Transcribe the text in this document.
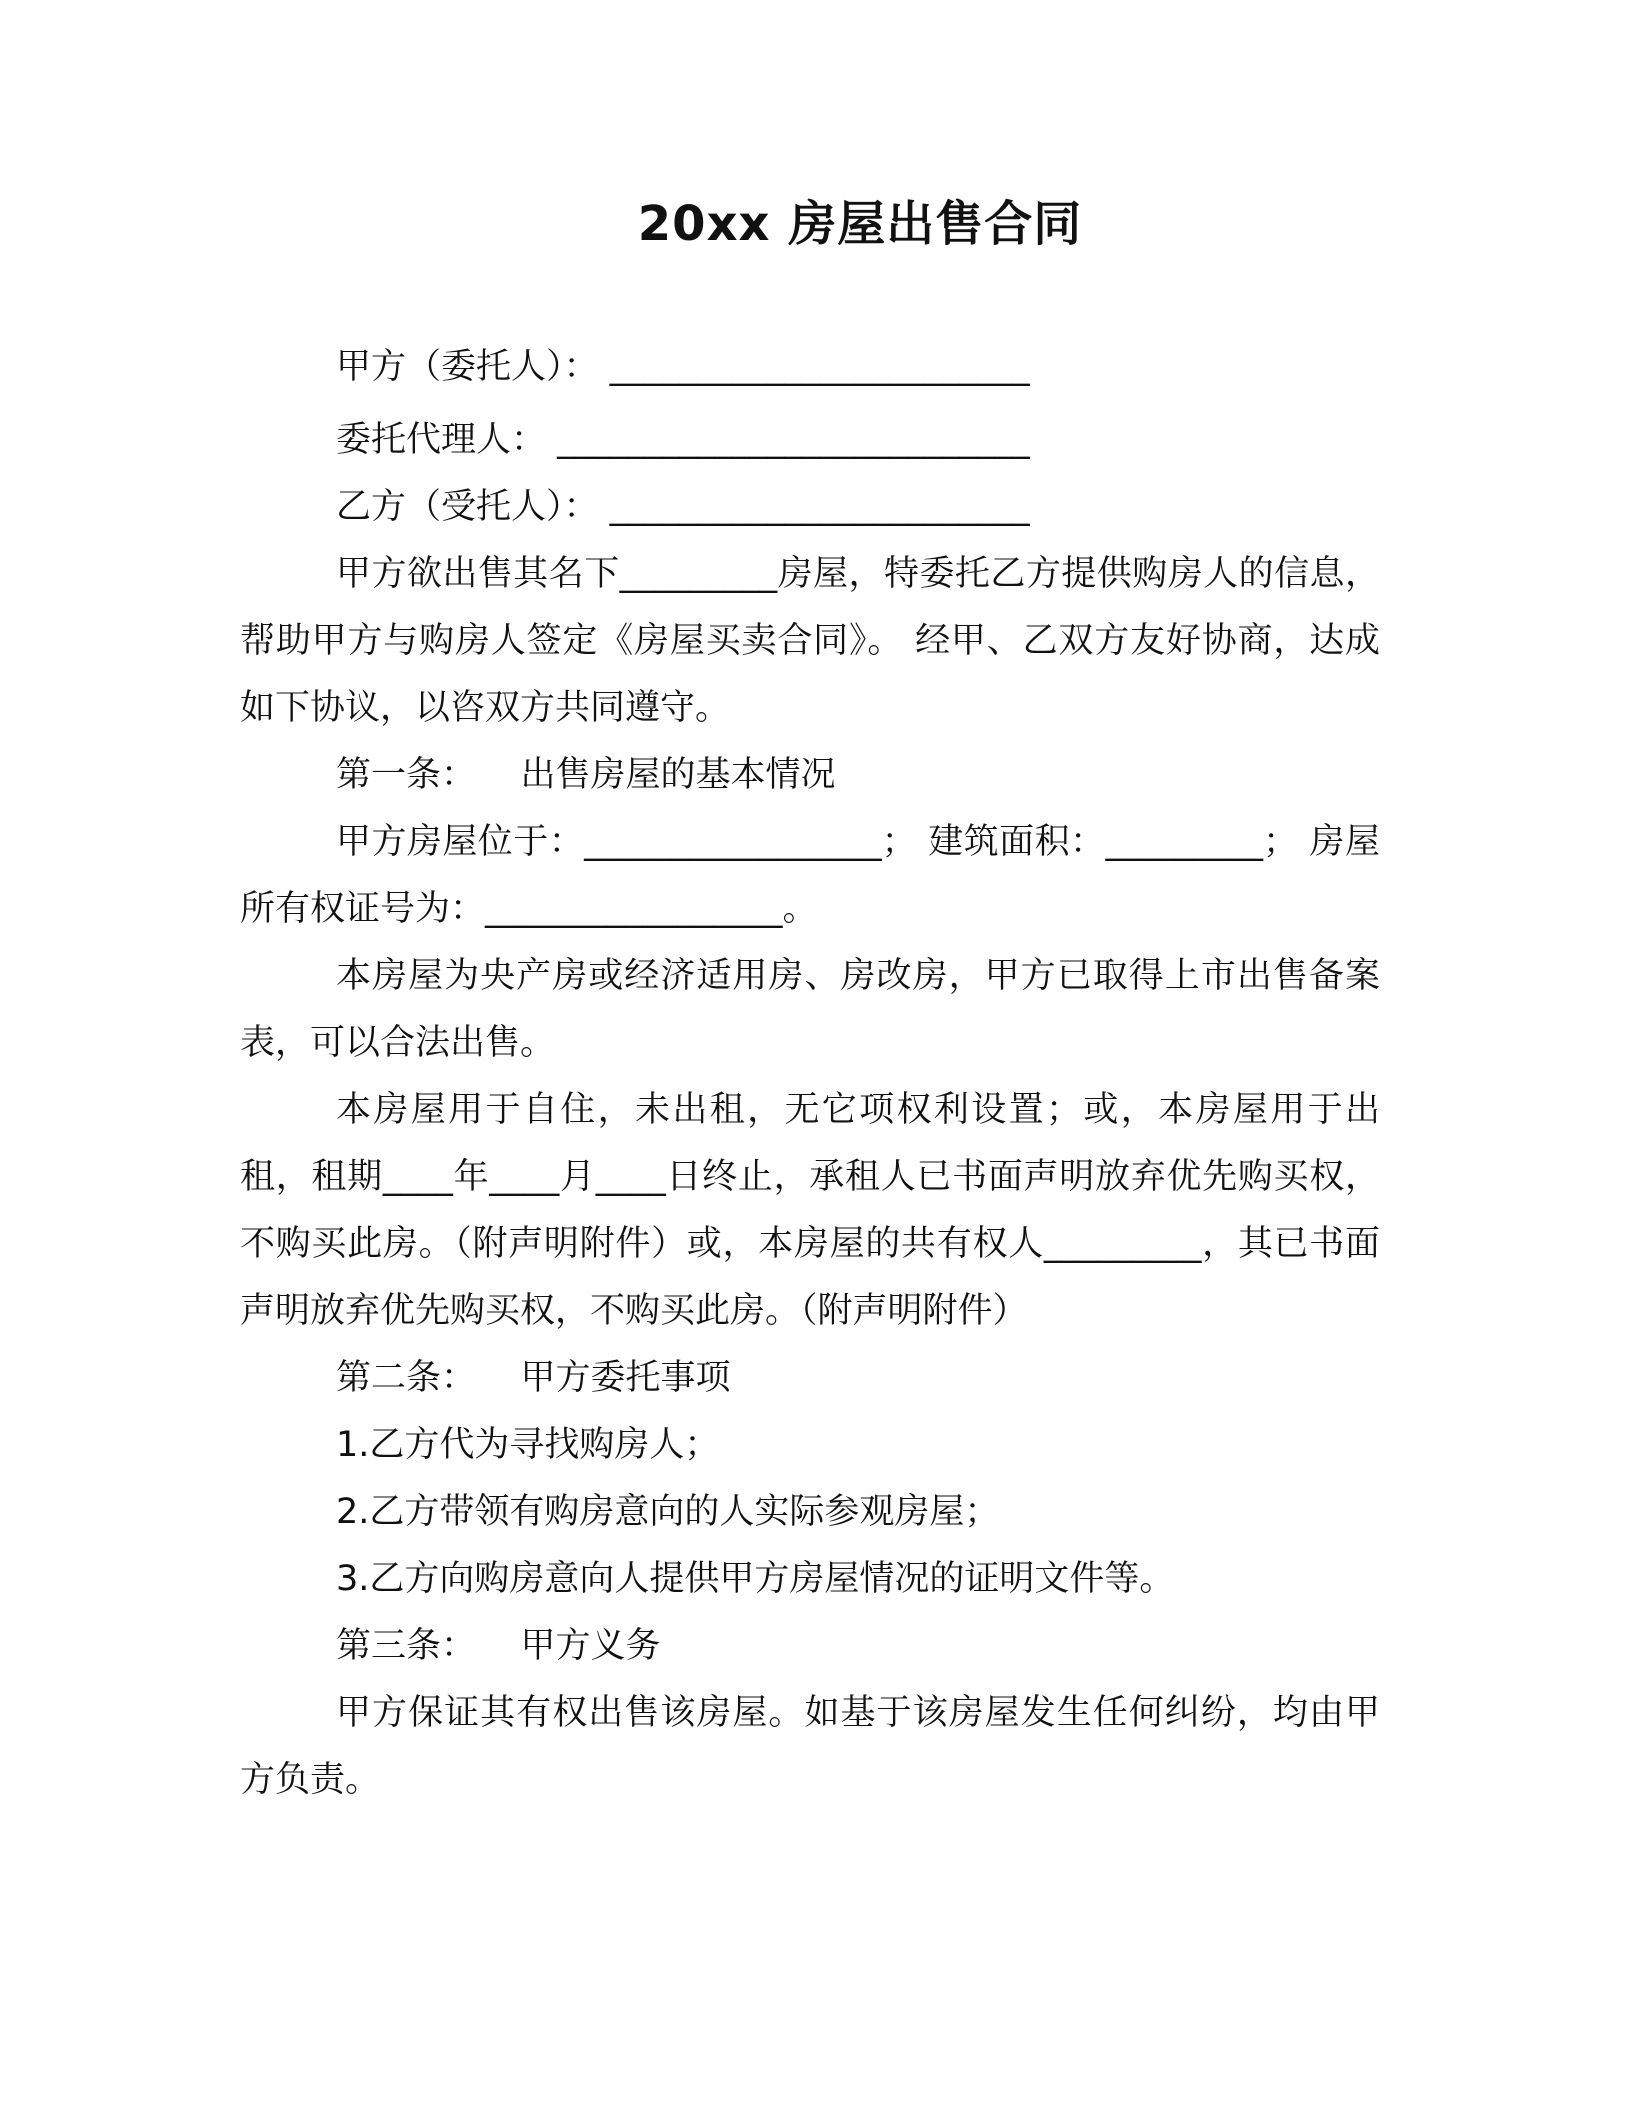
20xx 房屋出售合同

甲方（委托人）： ________________________

委托代理人： ___________________________

乙方（受托人）： ________________________

甲方欲出售其名下_________房屋，特委托乙方提供购房人的信息，帮助甲方与购房人签定《房屋买卖合同》。 经甲、乙双方友好协商，达成如下协议，以咨双方共同遵守。

第一条：    出售房屋的基本情况

甲方房屋位于：_________________； 建筑面积：_________； 房屋所有权证号为：_________________。

本房屋为央产房或经济适用房、房改房，甲方已取得上市出售备案表，可以合法出售。

本房屋用于自住，未出租，无它项权利设置；或，本房屋用于出租，租期____年____月____日终止，承租人已书面声明放弃优先购买权，不购买此房。（附声明附件）或，本房屋的共有权人_________，其已书面声明放弃优先购买权，不购买此房。（附声明附件）

第二条：    甲方委托事项

1.乙方代为寻找购房人；

2.乙方带领有购房意向的人实际参观房屋；

3.乙方向购房意向人提供甲方房屋情况的证明文件等。

第三条：    甲方义务

甲方保证其有权出售该房屋。如基于该房屋发生任何纠纷，均由甲方负责。
